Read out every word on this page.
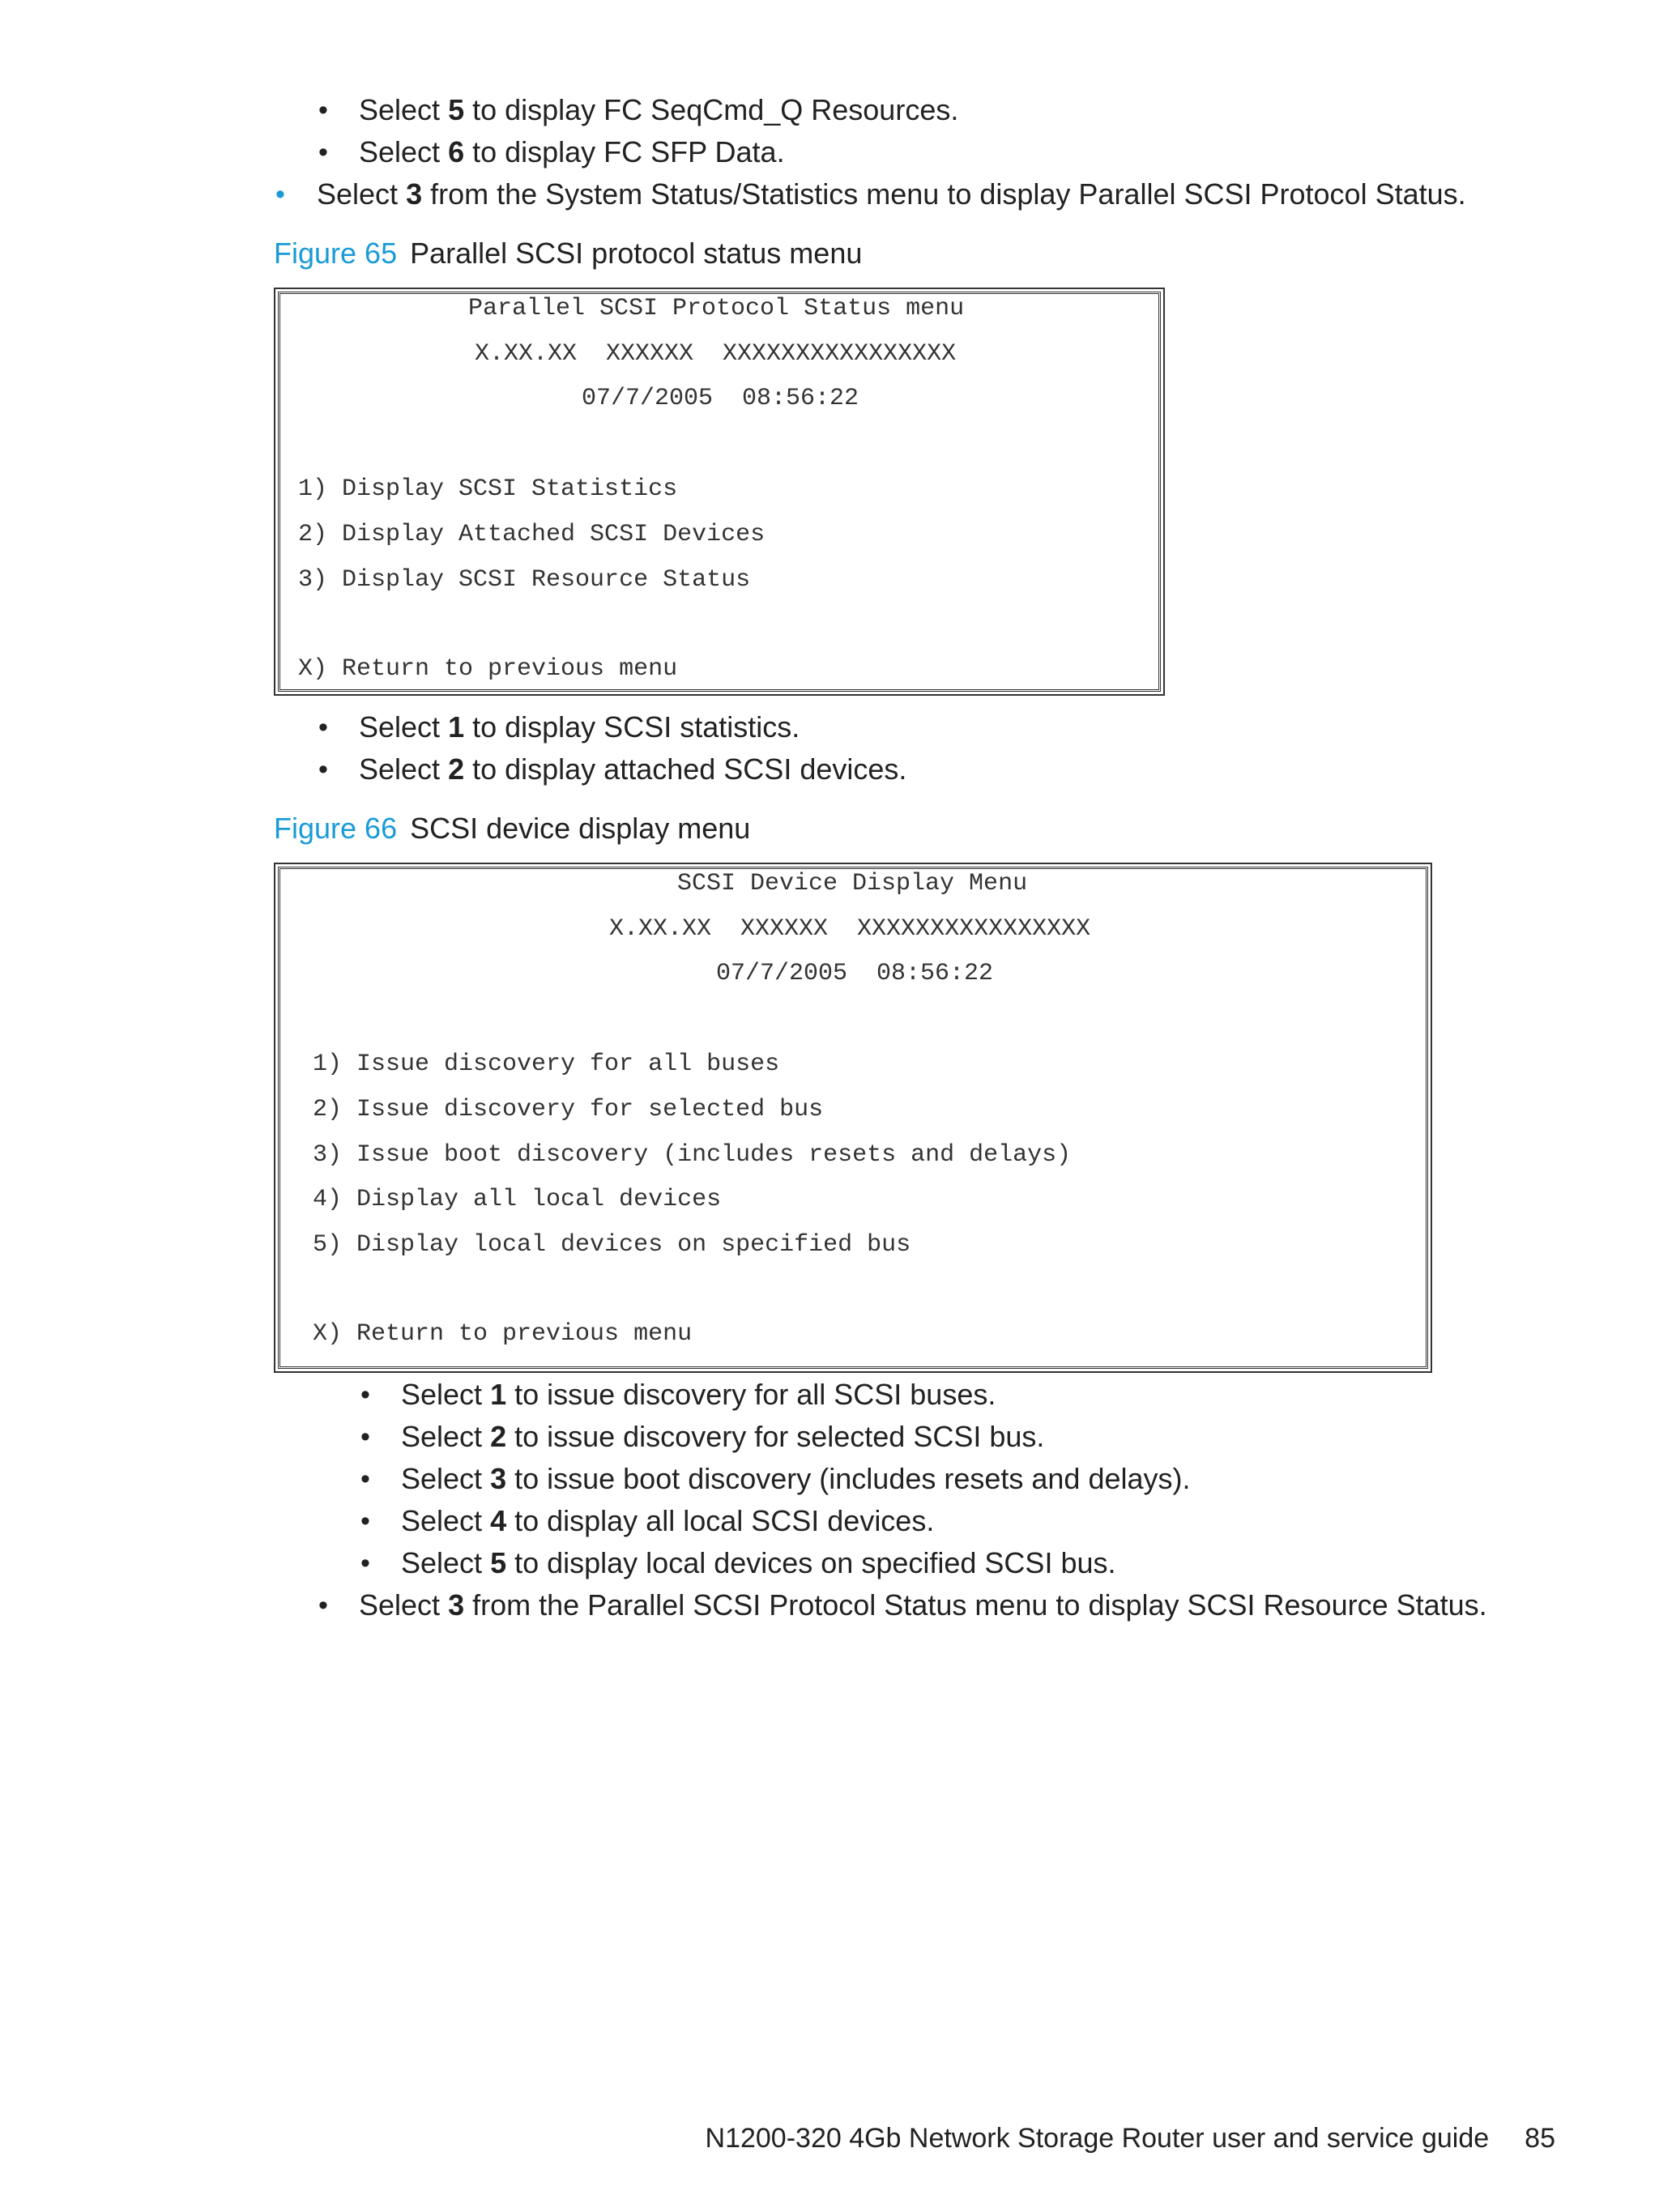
• Select 5 to display FC SeqCmd_Q Resources.
• Select 6 to display FC SFP Data.
• Select 3 from the System Status/Statistics menu to display Parallel SCSI Protocol Status.
Figure 65 Parallel SCSI protocol status menu
Parallel SCSI Protocol Status menu
X.XX.XX  XXXXXX  XXXXXXXXXXXXXXXX
07/7/2005  08:56:22
1) Display SCSI Statistics
2) Display Attached SCSI Devices
3) Display SCSI Resource Status
X) Return to previous menu
• Select 1 to display SCSI statistics.
• Select 2 to display attached SCSI devices.
Figure 66 SCSI device display menu
SCSI Device Display Menu
X.XX.XX  XXXXXX  XXXXXXXXXXXXXXXX
07/7/2005  08:56:22
1) Issue discovery for all buses
2) Issue discovery for selected bus
3) Issue boot discovery (includes resets and delays)
4) Display all local devices
5) Display local devices on specified bus
X) Return to previous menu
• Select 1 to issue discovery for all SCSI buses.
• Select 2 to issue discovery for selected SCSI bus.
• Select 3 to issue boot discovery (includes resets and delays).
• Select 4 to display all local SCSI devices.
• Select 5 to display local devices on specified SCSI bus.
• Select 3 from the Parallel SCSI Protocol Status menu to display SCSI Resource Status.
N1200-320 4Gb Network Storage Router user and service guide 85
